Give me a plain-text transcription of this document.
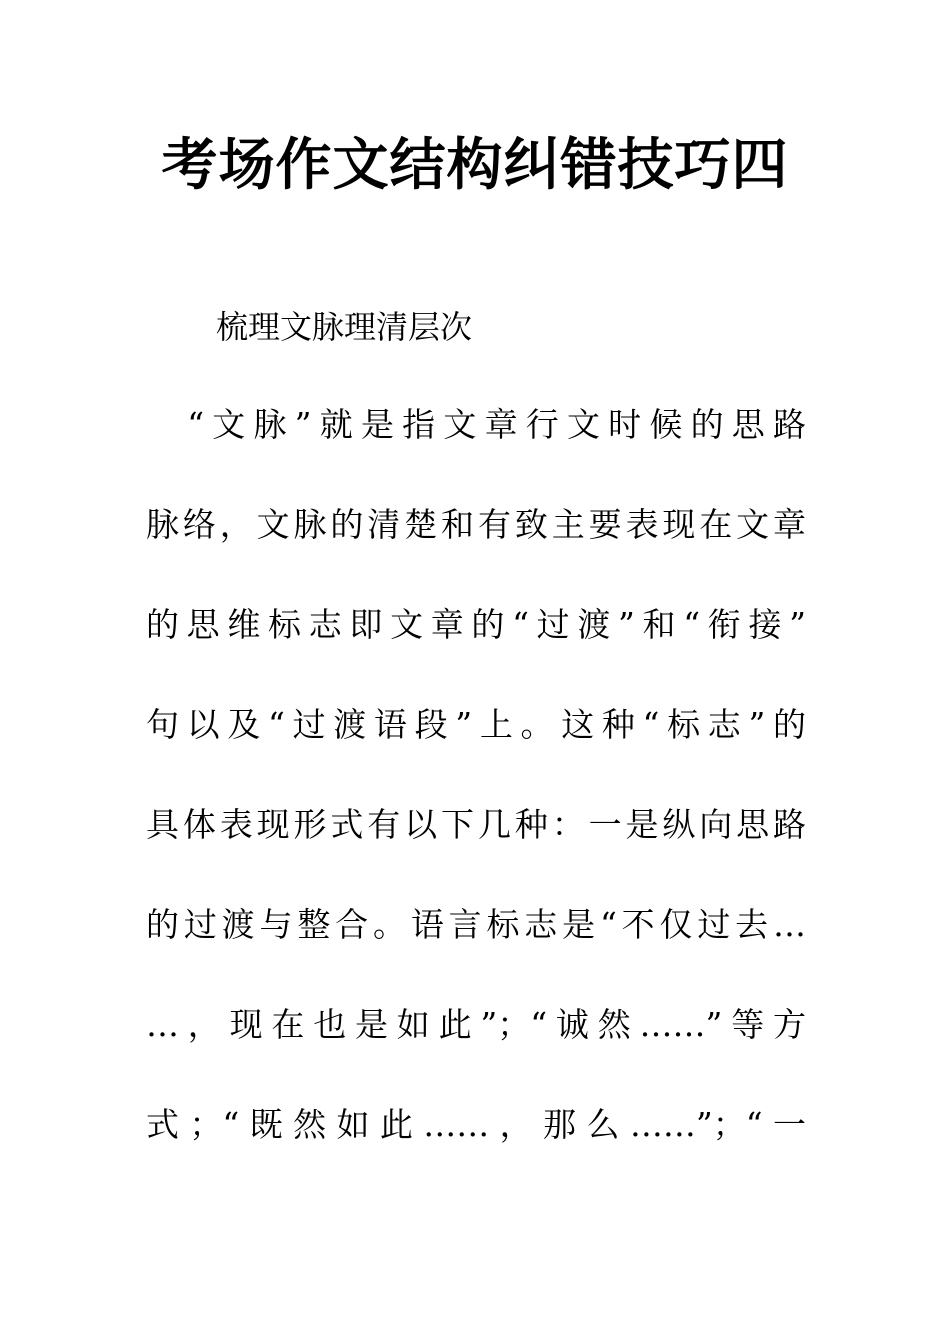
考场作文结构纠错技巧四

梳理文脉理清层次

　“文脉”就是指文章行文时候的思路
脉络，文脉的清楚和有致主要表现在文章
的思维标志即文章的“过渡”和“衔接”
句以及“过渡语段”上。这种“标志”的
具体表现形式有以下几种：一是纵向思路
的过渡与整合。语言标志是“不仅过去…
…，现在也是如此”；“诚然……”等方
式；“既然如此……，那么……”；“一
